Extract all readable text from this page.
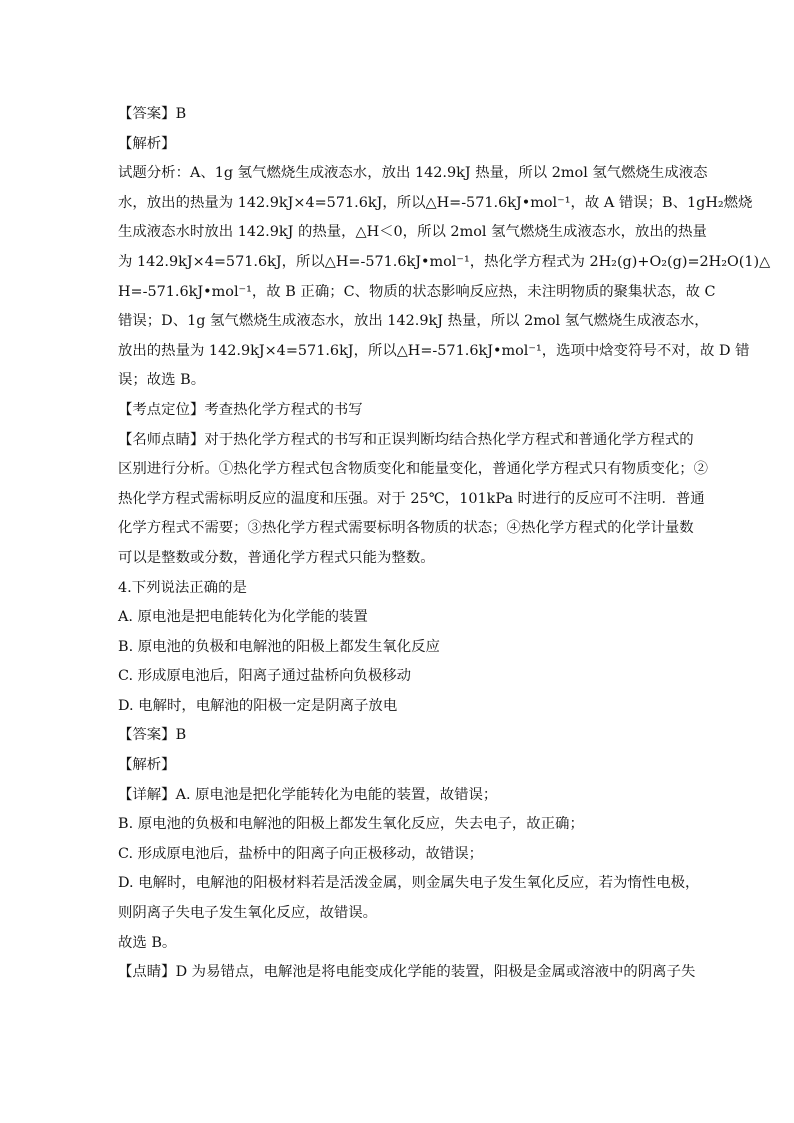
【答案】B
【解析】
试题分析：A、1g 氢气燃烧生成液态水，放出 142.9kJ 热量，所以 2mol 氢气燃烧生成液态
水，放出的热量为 142.9kJ×4=571.6kJ，所以△H=-571.6kJ•mol⁻¹，故 A 错误；B、1gH₂燃烧
生成液态水时放出 142.9kJ 的热量，△H＜0，所以 2mol 氢气燃烧生成液态水，放出的热量
为 142.9kJ×4=571.6kJ，所以△H=-571.6kJ•mol⁻¹，热化学方程式为 2H₂(g)+O₂(g)=2H₂O(1)△
H=-571.6kJ•mol⁻¹，故 B 正确；C、物质的状态影响反应热，未注明物质的聚集状态，故 C
错误；D、1g 氢气燃烧生成液态水，放出 142.9kJ 热量，所以 2mol 氢气燃烧生成液态水，
放出的热量为 142.9kJ×4=571.6kJ，所以△H=-571.6kJ•mol⁻¹，选项中焓变符号不对，故 D 错
误；故选 B。
【考点定位】考查热化学方程式的书写
【名师点睛】对于热化学方程式的书写和正误判断均结合热化学方程式和普通化学方程式的
区别进行分析。①热化学方程式包含物质变化和能量变化，普通化学方程式只有物质变化；②
热化学方程式需标明反应的温度和压强。对于 25℃，101kPa 时进行的反应可不注明．普通
化学方程式不需要；③热化学方程式需要标明各物质的状态；④热化学方程式的化学计量数
可以是整数或分数，普通化学方程式只能为整数。
4.下列说法正确的是
A. 原电池是把电能转化为化学能的装置
B. 原电池的负极和电解池的阳极上都发生氧化反应
C. 形成原电池后，阳离子通过盐桥向负极移动
D. 电解时，电解池的阳极一定是阴离子放电
【答案】B
【解析】
【详解】A. 原电池是把化学能转化为电能的装置，故错误；
B. 原电池的负极和电解池的阳极上都发生氧化反应，失去电子，故正确；
C. 形成原电池后，盐桥中的阳离子向正极移动，故错误；
D. 电解时，电解池的阳极材料若是活泼金属，则金属失电子发生氧化反应，若为惰性电极，
则阴离子失电子发生氧化反应，故错误。
故选 B。
【点睛】D 为易错点，电解池是将电能变成化学能的装置，阳极是金属或溶液中的阴离子失
